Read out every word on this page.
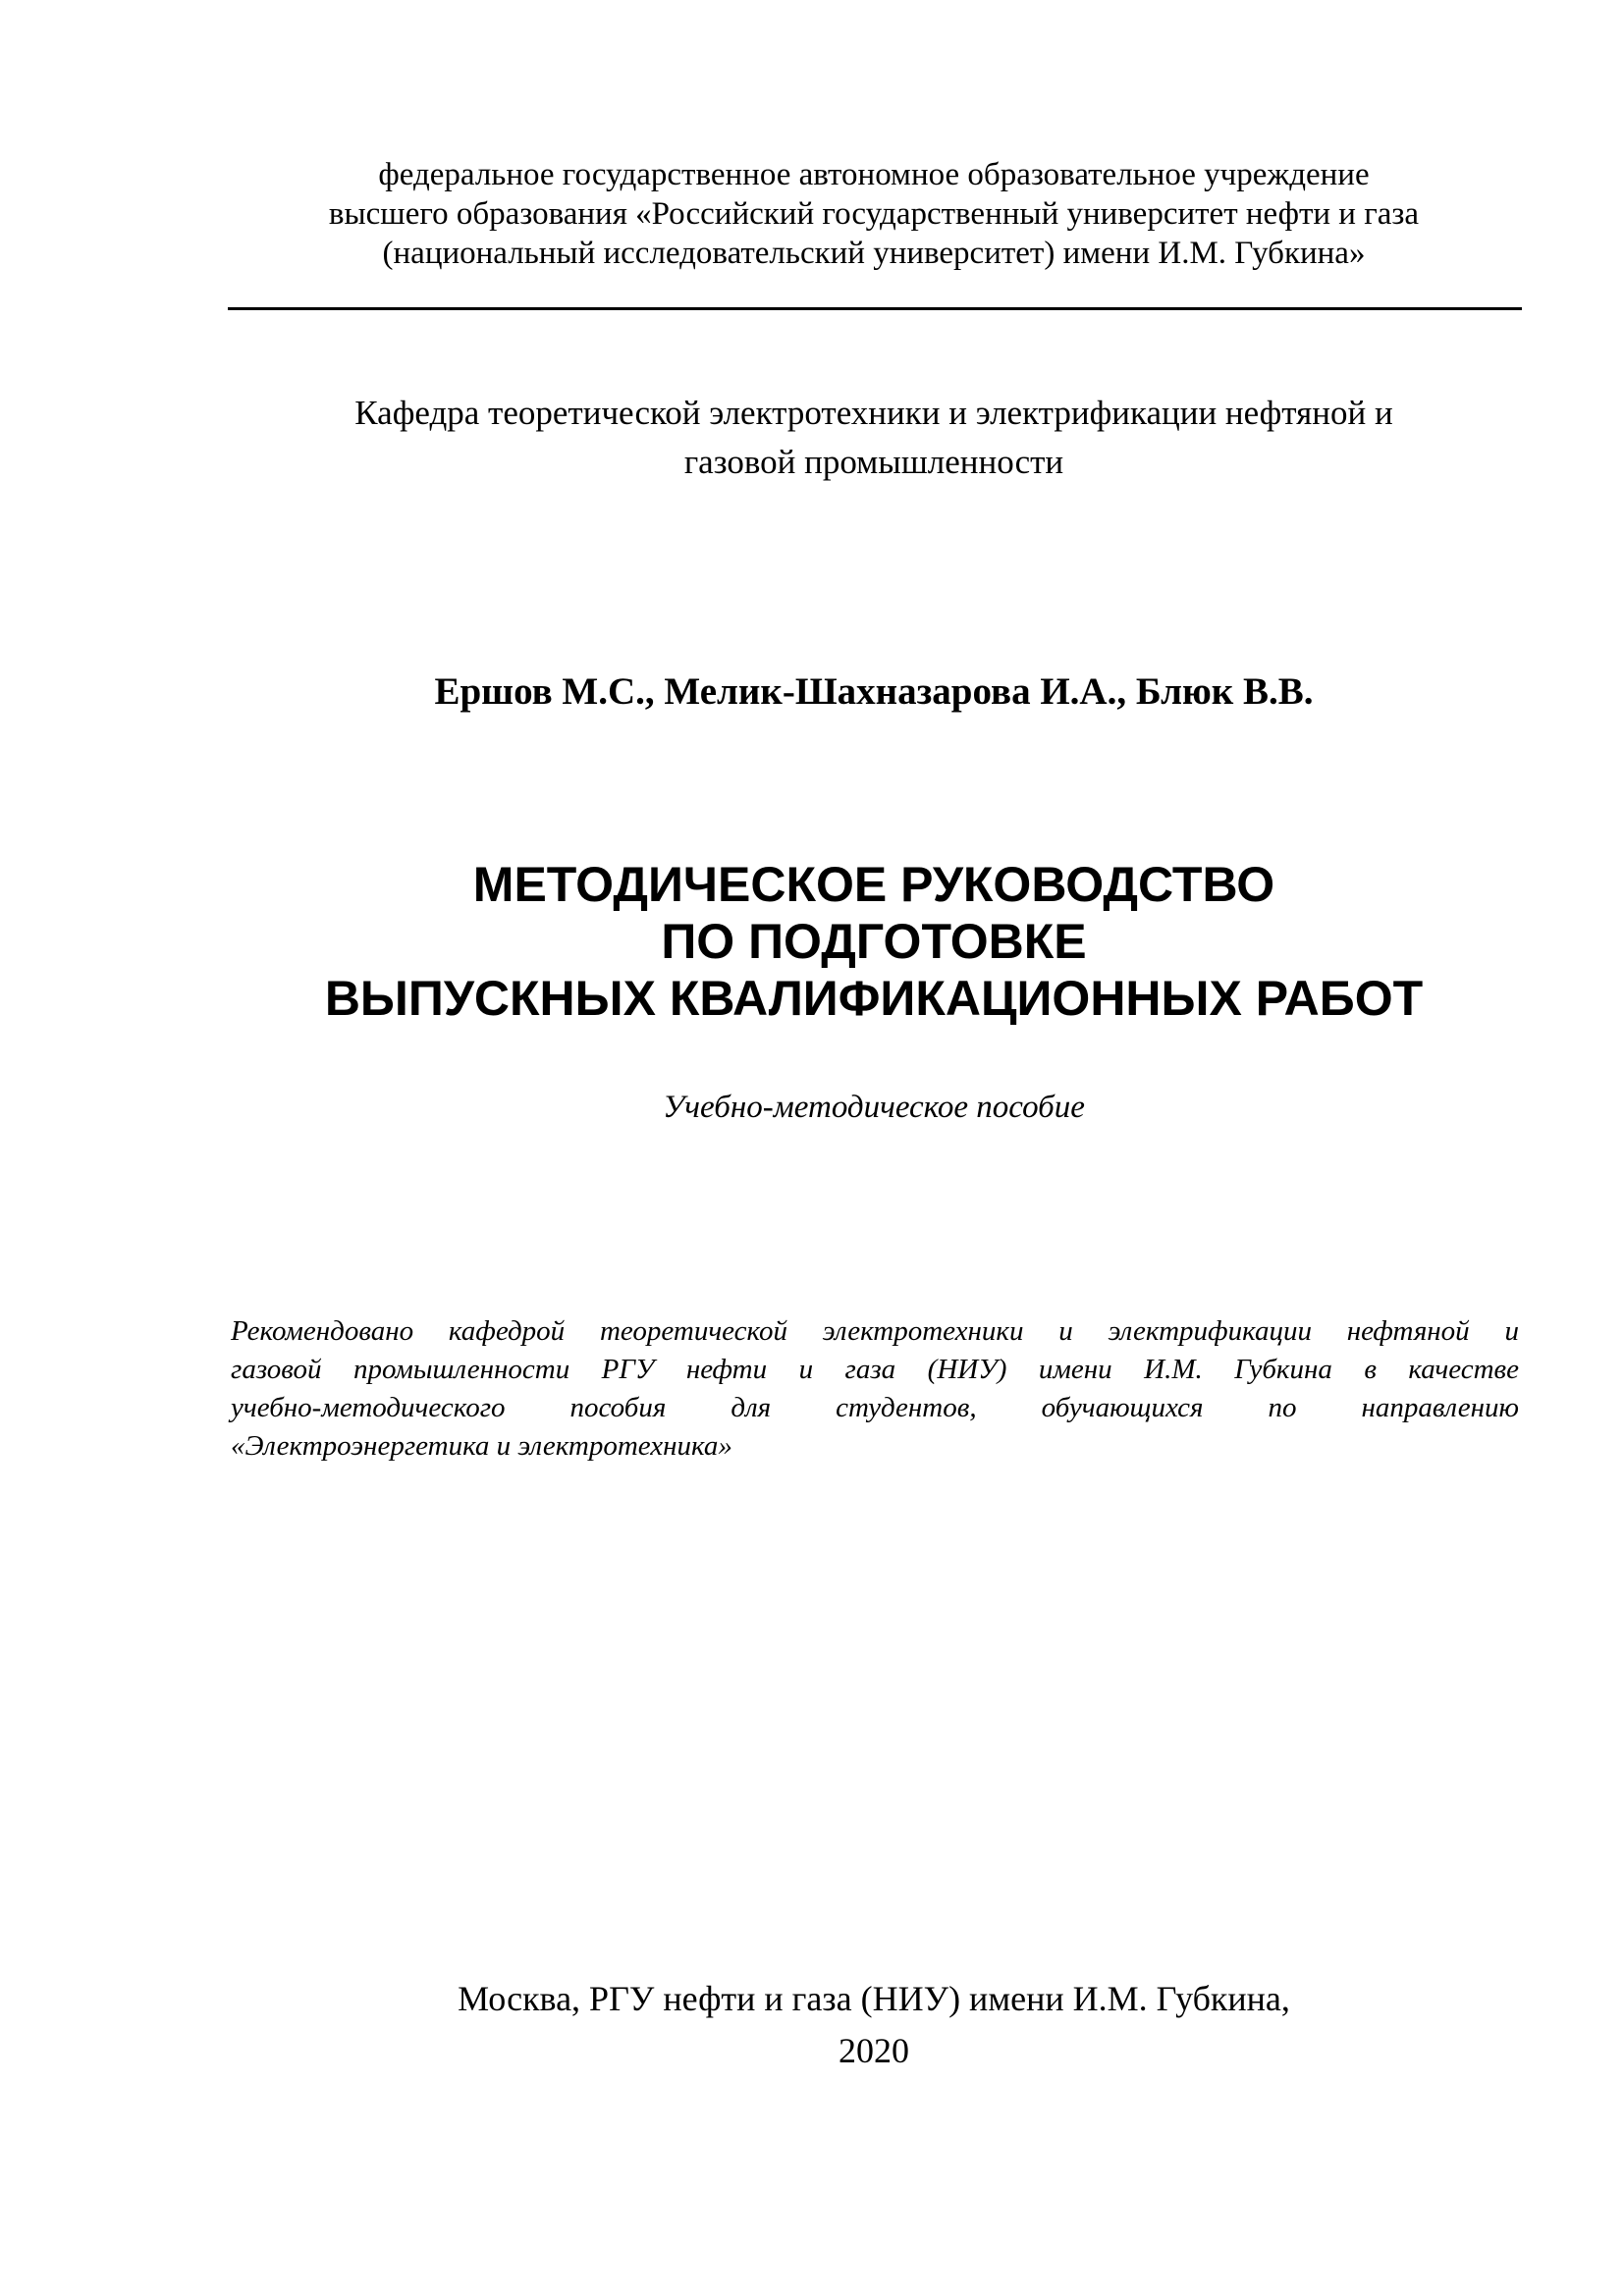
федеральное государственное автономное образовательное учреждение
высшего образования «Российский государственный университет нефти и газа
(национальный исследовательский университет) имени И.М. Губкина»
Кафедра теоретической электротехники и электрификации нефтяной и
газовой промышленности
Ершов М.С., Мелик-Шахназарова И.А., Блюк В.В.
МЕТОДИЧЕСКОЕ РУКОВОДСТВО
ПО ПОДГОТОВКЕ
ВЫПУСКНЫХ КВАЛИФИКАЦИОННЫХ РАБОТ
Учебно-методическое пособие
Рекомендовано кафедрой теоретической электротехники и электрификации нефтяной и
газовой промышленности РГУ нефти и газа (НИУ) имени И.М. Губкина в качестве
учебно-методического пособия для студентов, обучающихся по направлению
«Электроэнергетика и электротехника»
Москва, РГУ нефти и газа (НИУ) имени И.М. Губкина,
2020
